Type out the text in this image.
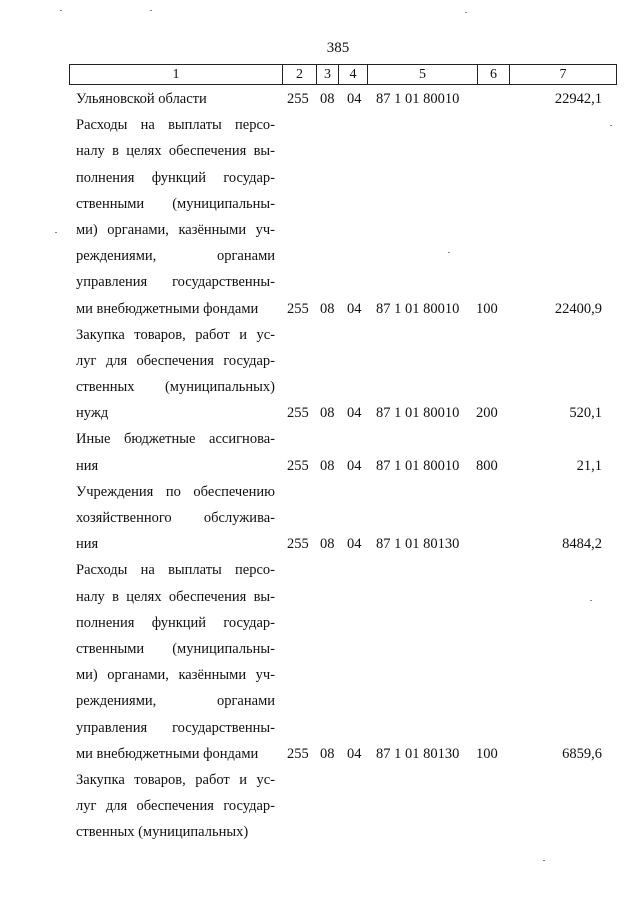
385
1	2	3	4	5	6	7
Ульяновской области	255 08 04 87 1 01 80010	22942,1
Расходы на выплаты персо-
налу в целях обеспечения вы-
полнения функций государ-
ственными (муниципальны-
ми) органами, казёнными уч-
реждениями, органами
управления государственны-
ми внебюджетными фондами	255 08 04 87 1 01 80010 100	22400,9
Закупка товаров, работ и ус-
луг для обеспечения государ-
ственных (муниципальных)
нужд	255 08 04 87 1 01 80010 200	520,1
Иные бюджетные ассигнова-
ния	255 08 04 87 1 01 80010 800	21,1
Учреждения по обеспечению
хозяйственного обслужива-
ния	255 08 04 87 1 01 80130	8484,2
Расходы на выплаты персо-
налу в целях обеспечения вы-
полнения функций государ-
ственными (муниципальны-
ми) органами, казёнными уч-
реждениями, органами
управления государственны-
ми внебюджетными фондами	255 08 04 87 1 01 80130 100	6859,6
Закупка товаров, работ и ус-
луг для обеспечения государ-
ственных (муниципальных)
